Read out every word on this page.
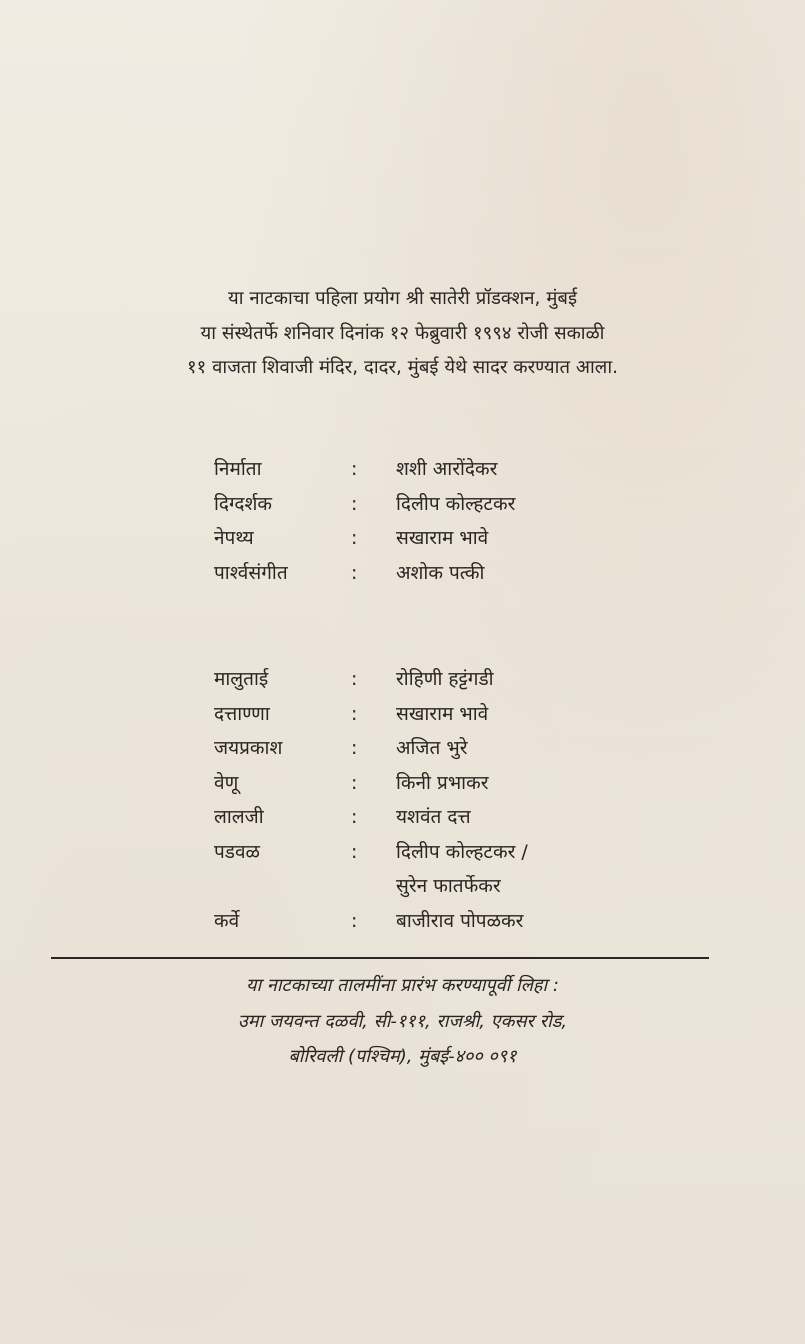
या नाटकाचा पहिला प्रयोग श्री सातेरी प्रॉडक्शन, मुंबई
या संस्थेतर्फे शनिवार दिनांक १२ फेब्रुवारी १९९४ रोजी सकाळी
११ वाजता शिवाजी मंदिर, दादर, मुंबई येथे सादर करण्यात आला.
निर्माता	: शशी आरोंदेकर
दिग्दर्शक	: दिलीप कोल्हटकर
नेपथ्य	: सखाराम भावे
पार्श्वसंगीत	: अशोक पत्की
मालुताई	: रोहिणी हट्टंगडी
दत्ताण्णा	: सखाराम भावे
जयप्रकाश	: अजित भुरे
वेणू	: किनी प्रभाकर
लालजी	: यशवंत दत्त
पडवळ	: दिलीप कोल्हटकर /
सुरेन फातर्फेकर
कर्वे	: बाजीराव पोपळकर
या नाटकाच्या तालमींना प्रारंभ करण्यापूर्वी लिहा :
उमा जयवन्त दळवी, सी-१११, राजश्री, एकसर रोड,
बोरिवली (पश्चिम), मुंबई-४०० ०९१
